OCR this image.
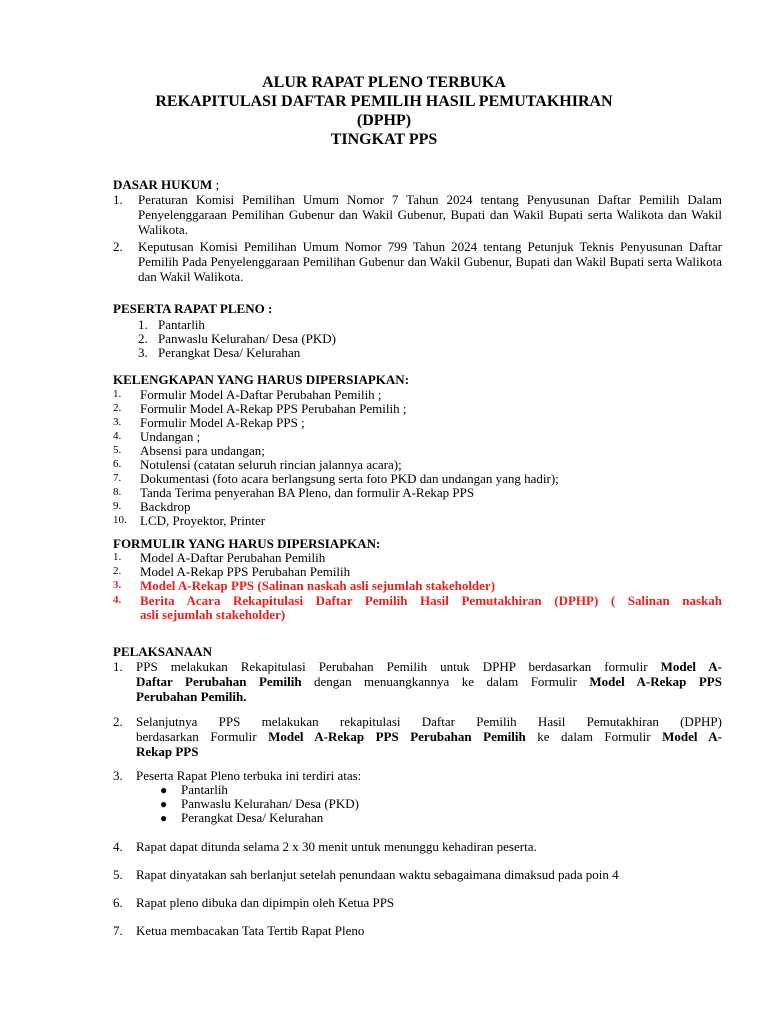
ALUR RAPAT PLENO TERBUKA
REKAPITULASI DAFTAR PEMILIH HASIL PEMUTAKHIRAN
(DPHP)
TINGKAT PPS
DASAR HUKUM ;
1. Peraturan Komisi Pemilihan Umum Nomor 7 Tahun 2024 tentang Penyusunan Daftar Pemilih Dalam Penyelenggaraan Pemilihan Gubenur dan Wakil Gubenur, Bupati dan Wakil Bupati serta Walikota dan Wakil Walikota.
2. Keputusan Komisi Pemilihan Umum Nomor 799 Tahun 2024 tentang Petunjuk Teknis Penyusunan Daftar Pemilih Pada Penyelenggaraan Pemilihan Gubenur dan Wakil Gubenur, Bupati dan Wakil Bupati serta Walikota dan Wakil Walikota.
PESERTA RAPAT PLENO :
1. Pantarlih
2. Panwaslu Kelurahan/ Desa (PKD)
3. Perangkat Desa/ Kelurahan
KELENGKAPAN YANG HARUS DIPERSIAPKAN:
1. Formulir Model A-Daftar Perubahan Pemilih ;
2. Formulir Model A-Rekap PPS Perubahan Pemilih ;
3. Formulir Model A-Rekap PPS ;
4. Undangan ;
5. Absensi para undangan;
6. Notulensi (catatan seluruh rincian jalannya acara);
7. Dokumentasi (foto acara berlangsung serta foto PKD dan undangan yang hadir);
8. Tanda Terima penyerahan BA Pleno, dan formulir A-Rekap PPS
9. Backdrop
10. LCD, Proyektor, Printer
FORMULIR YANG HARUS DIPERSIAPKAN:
1. Model A-Daftar Perubahan Pemilih
2. Model A-Rekap PPS Perubahan Pemilih
3. Model A-Rekap PPS (Salinan naskah asli sejumlah stakeholder)
4. Berita Acara Rekapitulasi Daftar Pemilih Hasil Pemutakhiran (DPHP) ( Salinan naskah
asli sejumlah stakeholder)
PELAKSANAAN
1. PPS melakukan Rekapitulasi Perubahan Pemilih untuk DPHP berdasarkan formulir Model A-
Daftar Perubahan Pemilih dengan menuangkannya ke dalam Formulir Model A-Rekap PPS
Perubahan Pemilih.
2. Selanjutnya PPS melakukan rekapitulasi Daftar Pemilih Hasil Pemutakhiran (DPHP)
berdasarkan Formulir Model A-Rekap PPS Perubahan Pemilih ke dalam Formulir Model A-
Rekap PPS
3. Peserta Rapat Pleno terbuka ini terdiri atas:
● Pantarlih
● Panwaslu Kelurahan/ Desa (PKD)
● Perangkat Desa/ Kelurahan
4. Rapat dapat ditunda selama 2 x 30 menit untuk menunggu kehadiran peserta.
5. Rapat dinyatakan sah berlanjut setelah penundaan waktu sebagaimana dimaksud pada poin 4
6. Rapat pleno dibuka dan dipimpin oleh Ketua PPS
7. Ketua membacakan Tata Tertib Rapat Pleno
